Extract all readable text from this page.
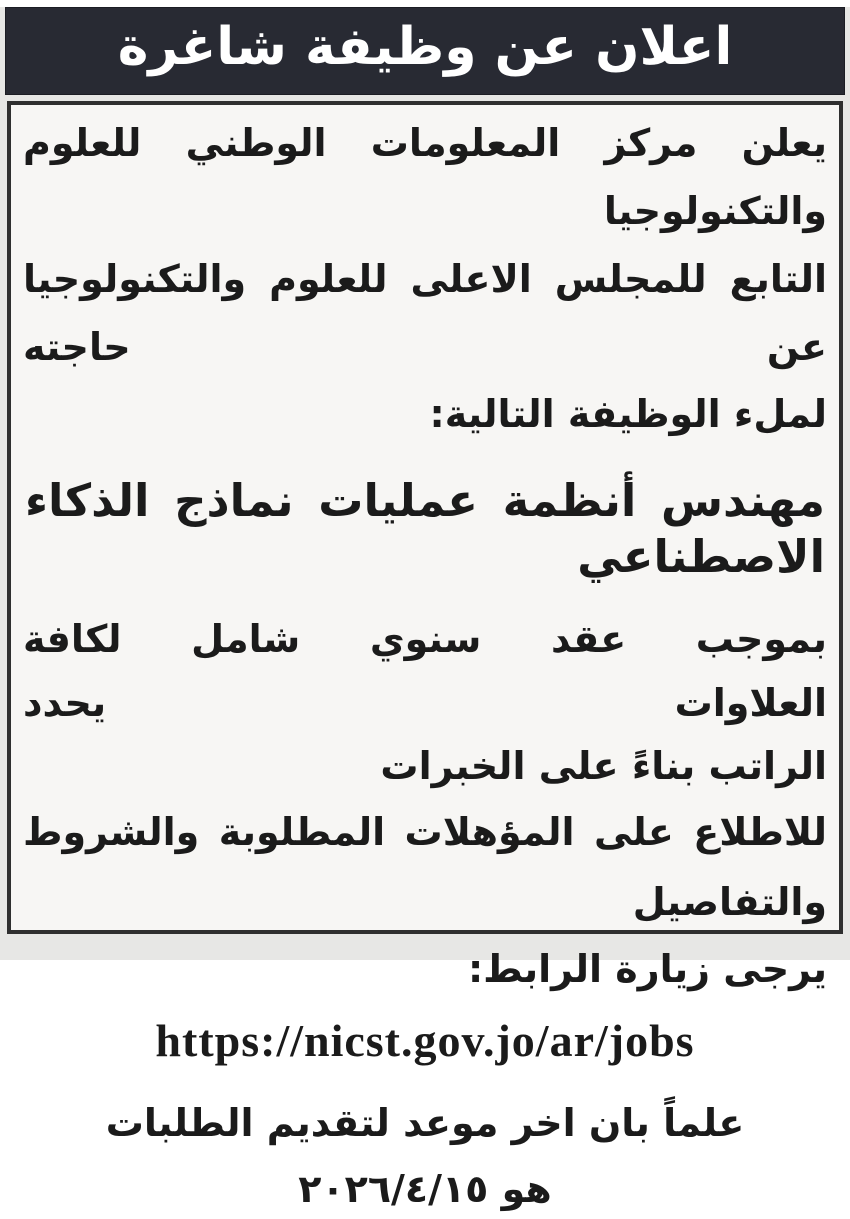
اعلان عن وظيفة شاغرة
يعلن مركز المعلومات الوطني للعلوم والتكنولوجيا
التابع للمجلس الاعلى للعلوم والتكنولوجيا عن حاجته
لملء الوظيفة التالية:
مهندس أنظمة عمليات نماذج الذكاء الاصطناعي
بموجب عقد سنوي شامل لكافة العلاوات يحدد
الراتب بناءً على الخبرات
للاطلاع على المؤهلات المطلوبة والشروط والتفاصيل
يرجى زيارة الرابط:
https://nicst.gov.jo/ar/jobs
علماً بان اخر موعد لتقديم الطلبات
هو ٢٠٢٦/٤/١٥
